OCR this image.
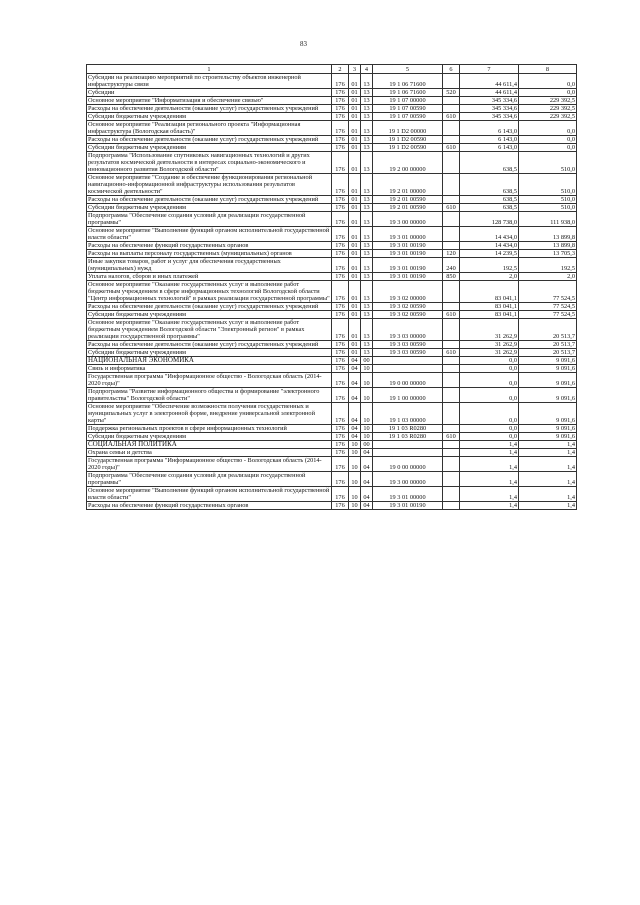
83
1	2	3	4	5	6	7	8
Субсидии на реализацию мероприятий по строительству объектов инженерной инфраструктуры связи	176	01	13	19 1 06 71600		44 611,4	0,0
Субсидии	176	01	13	19 1 06 71600	520	44 611,4	0,0
Основное мероприятие "Информатизация и обеспечение связью"	176	01	13	19 1 07 00000		345 334,6	229 392,5
Расходы на обеспечение деятельности (оказание услуг) государственных учреждений	176	01	13	19 1 07 00590		345 334,6	229 392,5
Субсидии бюджетным учреждениям	176	01	13	19 1 07 00590	610	345 334,6	229 392,5
Основное мероприятие "Реализация регионального проекта "Информационная инфраструктура (Вологодская область)"	176	01	13	19 1 D2 00000		6 143,0	0,0
Расходы на обеспечение деятельности (оказание услуг) государственных учреждений	176	01	13	19 1 D2 00590		6 143,0	0,0
Субсидии бюджетным учреждениям	176	01	13	19 1 D2 00590	610	6 143,0	0,0
Подпрограмма "Использование спутниковых навигационных технологий и других результатов космической деятельности в интересах социально-экономического и инновационного развития Вологодской области"	176	01	13	19 2 00 00000		638,5	510,0
Основное мероприятие "Создание и обеспечение функционирования региональной навигационно-информационной инфраструктуры использования результатов космической деятельности"	176	01	13	19 2 01 00000		638,5	510,0
Расходы на обеспечение деятельности (оказание услуг) государственных учреждений	176	01	13	19 2 01 00590		638,5	510,0
Субсидии бюджетным учреждениям	176	01	13	19 2 01 00590	610	638,5	510,0
Подпрограмма "Обеспечение создания условий для реализации государственной программы"	176	01	13	19 3 00 00000		128 738,0	111 938,0
Основное мероприятие "Выполнение функций органом исполнительной государственной власти области"	176	01	13	19 3 01 00000		14 434,0	13 899,8
Расходы на обеспечение функций государственных органов	176	01	13	19 3 01 00190		14 434,0	13 899,8
Расходы на выплаты персоналу государственных (муниципальных) органов	176	01	13	19 3 01 00190	120	14 239,5	13 705,3
Иные закупки товаров, работ и услуг для обеспечения государственных (муниципальных) нужд	176	01	13	19 3 01 00190	240	192,5	192,5
Уплата налогов, сборов и иных платежей	176	01	13	19 3 01 00190	850	2,0	2,0
Основное мероприятие "Оказание государственных услуг и выполнение работ бюджетным учреждением в сфере информационных технологий Вологодской области "Центр информационных технологий" в рамках реализации государственной программы"	176	01	13	19 3 02 00000		83 041,1	77 524,5
Расходы на обеспечение деятельности (оказание услуг) государственных учреждений	176	01	13	19 3 02 00590		83 041,1	77 524,5
Субсидии бюджетным учреждениям	176	01	13	19 3 02 00590	610	83 041,1	77 524,5
Основное мероприятие "Оказание государственных услуг и выполнение работ бюджетным учреждением Вологодской области "Электронный регион" в рамках реализации государственной программы"	176	01	13	19 3 03 00000		31 262,9	20 513,7
Расходы на обеспечение деятельности (оказание услуг) государственных учреждений	176	01	13	19 3 03 00590		31 262,9	20 513,7
Субсидии бюджетным учреждениям	176	01	13	19 3 03 00590	610	31 262,9	20 513,7
НАЦИОНАЛЬНАЯ ЭКОНОМИКА	176	04	00			0,0	9 091,6
Связь и информатика	176	04	10			0,0	9 091,6
Государственная программа "Информационное общество - Вологодская область (2014-2020 годы)"	176	04	10	19 0 00 00000		0,0	9 091,6
Подпрограмма "Развитие информационного общества и формирование "электронного правительства" Вологодской области"	176	04	10	19 1 00 00000		0,0	9 091,6
Основное мероприятие "Обеспечение возможности получения государственных и муниципальных услуг в электронной форме, внедрение универсальной электронной карты"	176	04	10	19 1 03 00000		0,0	9 091,6
Поддержка региональных проектов в сфере информационных технологий	176	04	10	19 1 03 R0280		0,0	9 091,6
Субсидии бюджетным учреждениям	176	04	10	19 1 03 R0280	610	0,0	9 091,6
СОЦИАЛЬНАЯ ПОЛИТИКА	176	10	00			1,4	1,4
Охрана семьи и детства	176	10	04			1,4	1,4
Государственная программа "Информационное общество - Вологодская область (2014-2020 годы)"	176	10	04	19 0 00 00000		1,4	1,4
Подпрограмма "Обеспечение создания условий для реализации государственной программы"	176	10	04	19 3 00 00000		1,4	1,4
Основное мероприятие "Выполнение функций органом исполнительной государственной власти области"	176	10	04	19 3 01 00000		1,4	1,4
Расходы на обеспечение функций государственных органов	176	10	04	19 3 01 00190		1,4	1,4
